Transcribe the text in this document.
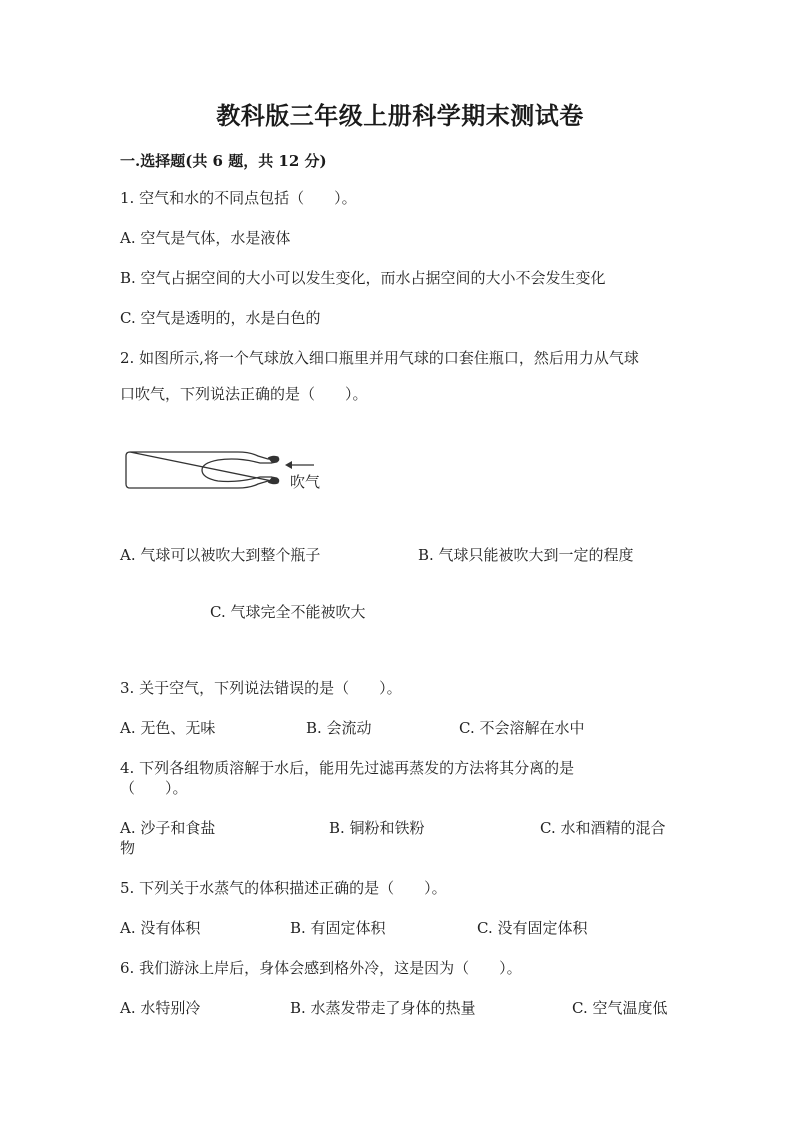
教科版三年级上册科学期末测试卷
一.选择题(共 6 题，共 12 分)
1. 空气和水的不同点包括（　　）。
A. 空气是气体，水是液体
B. 空气占据空间的大小可以发生变化，而水占据空间的大小不会发生变化
C. 空气是透明的，水是白色的
2. 如图所示,将一个气球放入细口瓶里并用气球的口套住瓶口，然后用力从气球
口吹气，下列说法正确的是（　　）。
吹气
A. 气球可以被吹大到整个瓶子	B. 气球只能被吹大到一定的程度
C. 气球完全不能被吹大
3. 关于空气，下列说法错误的是（　　）。
A. 无色、无味	B. 会流动	C. 不会溶解在水中
4. 下列各组物质溶解于水后，能用先过滤再蒸发的方法将其分离的是
（　　）。
A. 沙子和食盐	B. 铜粉和铁粉	C. 水和酒精的混合
物
5. 下列关于水蒸气的体积描述正确的是（　　）。
A. 没有体积	B. 有固定体积	C. 没有固定体积
6. 我们游泳上岸后，身体会感到格外冷，这是因为（　　）。
A. 水特别冷	B. 水蒸发带走了身体的热量	C. 空气温度低
